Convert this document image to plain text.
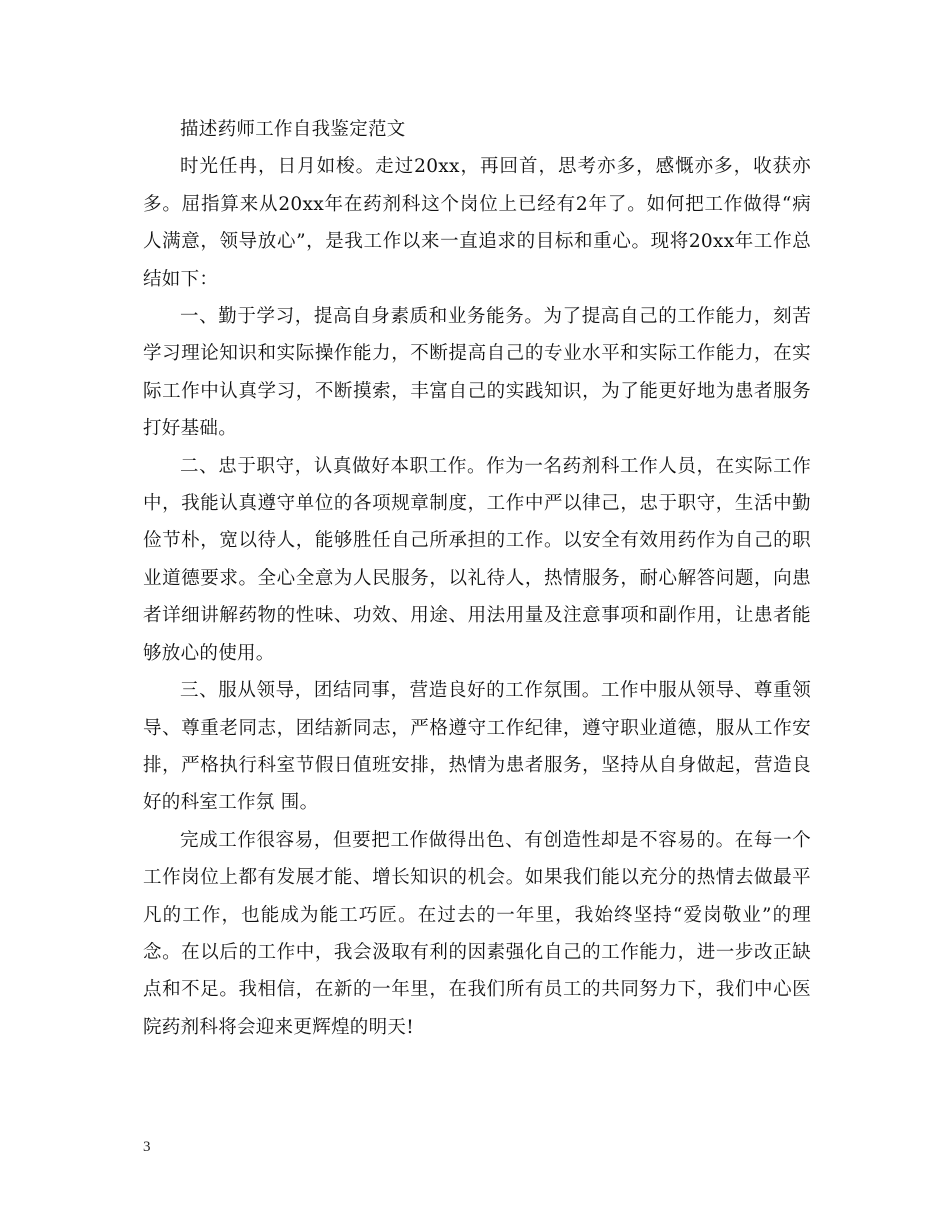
描述药师工作自我鉴定范文

时光任冉，日月如梭。走过20xx，再回首，思考亦多，感慨亦多，收获亦多。屈指算来从20xx年在药剂科这个岗位上已经有2年了。如何把工作做得“病人满意，领导放心”，是我工作以来一直追求的目标和重心。现将20xx年工作总结如下：

一、勤于学习，提高自身素质和业务能务。为了提高自己的工作能力，刻苦学习理论知识和实际操作能力，不断提高自己的专业水平和实际工作能力，在实际工作中认真学习，不断摸索，丰富自己的实践知识，为了能更好地为患者服务打好基础。

二、忠于职守，认真做好本职工作。作为一名药剂科工作人员，在实际工作中，我能认真遵守单位的各项规章制度，工作中严以律己，忠于职守，生活中勤俭节朴，宽以待人，能够胜任自己所承担的工作。以安全有效用药作为自己的职业道德要求。全心全意为人民服务，以礼待人，热情服务，耐心解答问题，向患者详细讲解药物的性味、功效、用途、用法用量及注意事项和副作用，让患者能够放心的使用。

三、服从领导，团结同事，营造良好的工作氛围。工作中服从领导、尊重领导、尊重老同志，团结新同志，严格遵守工作纪律，遵守职业道德，服从工作安排，严格执行科室节假日值班安排，热情为患者服务，坚持从自身做起，营造良好的科室工作氛 围。

完成工作很容易，但要把工作做得出色、有创造性却是不容易的。在每一个工作岗位上都有发展才能、增长知识的机会。如果我们能以充分的热情去做最平凡的工作，也能成为能工巧匠。在过去的一年里，我始终坚持“爱岗敬业”的理念。在以后的工作中，我会汲取有利的因素强化自己的工作能力，进一步改正缺点和不足。我相信，在新的一年里，在我们所有员工的共同努力下，我们中心医院药剂科将会迎来更辉煌的明天!

3
